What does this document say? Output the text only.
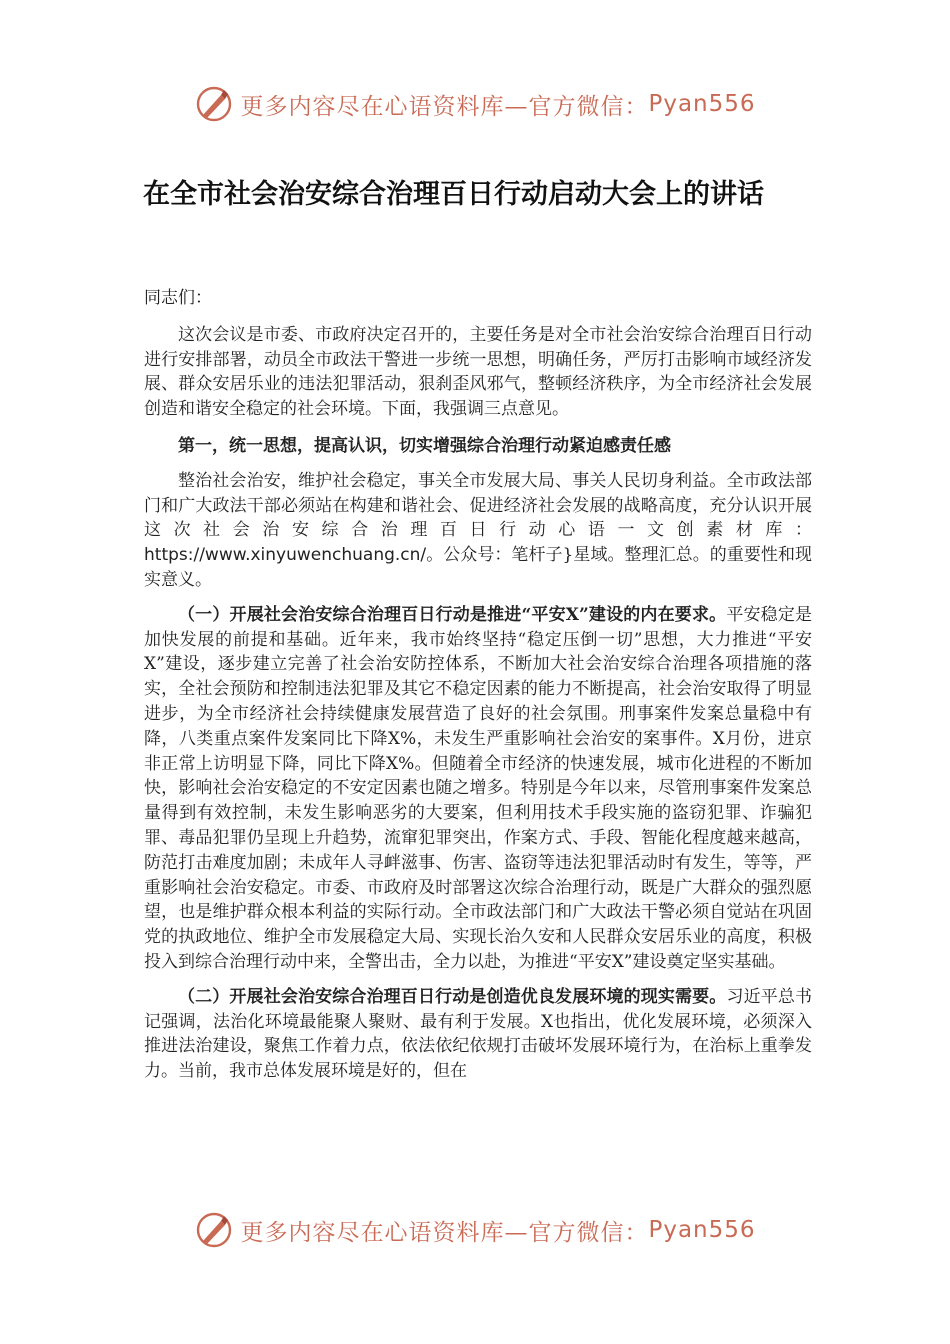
更多内容尽在心语资料库—官方微信： Pyan556
在全市社会治安综合治理百日行动启动大会上的讲话

同志们：

这次会议是市委、市政府决定召开的，主要任务是对全市社会治安综合治理百日行动进行安排部署，动员全市政法干警进一步统一思想，明确任务，严厉打击影响市域经济发展、群众安居乐业的违法犯罪活动，狠刹歪风邪气，整顿经济秩序，为全市经济社会发展创造和谐安全稳定的社会环境。下面，我强调三点意见。

第一，统一思想，提高认识，切实增强综合治理行动紧迫感责任感

整治社会治安，维护社会稳定，事关全市发展大局、事关人民切身利益。全市政法部门和广大政法干部必须站在构建和谐社会、促进经济社会发展的战略高度，充分认识开展这次社会治安综合治理百日行动心语一文创素材库：https://www.xinyuwenchuang.cn/。公众号：笔杆子}星域。整理汇总。的重要性和现实意义。

（一）开展社会治安综合治理百日行动是推进“平安X”建设的内在要求。平安稳定是加快发展的前提和基础。近年来，我市始终坚持“稳定压倒一切”思想，大力推进“平安X”建设，逐步建立完善了社会治安防控体系，不断加大社会治安综合治理各项措施的落实，全社会预防和控制违法犯罪及其它不稳定因素的能力不断提高，社会治安取得了明显进步，为全市经济社会持续健康发展营造了良好的社会氛围。刑事案件发案总量稳中有降，八类重点案件发案同比下降X%，未发生严重影响社会治安的案事件。X月份，进京非正常上访明显下降，同比下降X%。但随着全市经济的快速发展，城市化进程的不断加快，影响社会治安稳定的不安定因素也随之增多。特别是今年以来，尽管刑事案件发案总量得到有效控制，未发生影响恶劣的大要案，但利用技术手段实施的盗窃犯罪、诈骗犯罪、毒品犯罪仍呈现上升趋势，流窜犯罪突出，作案方式、手段、智能化程度越来越高，防范打击难度加剧；未成年人寻衅滋事、伤害、盗窃等违法犯罪活动时有发生，等等，严重影响社会治安稳定。市委、市政府及时部署这次综合治理行动，既是广大群众的强烈愿望，也是维护群众根本利益的实际行动。全市政法部门和广大政法干警必须自觉站在巩固党的执政地位、维护全市发展稳定大局、实现长治久安和人民群众安居乐业的高度，积极投入到综合治理行动中来，全警出击，全力以赴，为推进“平安X”建设奠定坚实基础。

（二）开展社会治安综合治理百日行动是创造优良发展环境的现实需要。习近平总书记强调，法治化环境最能聚人聚财、最有利于发展。X也指出，优化发展环境，必须深入推进法治建设，聚焦工作着力点，依法依纪依规打击破坏发展环境行为，在治标上重拳发力。当前，我市总体发展环境是好的，但在

更多内容尽在心语资料库—官方微信： Pyan556
